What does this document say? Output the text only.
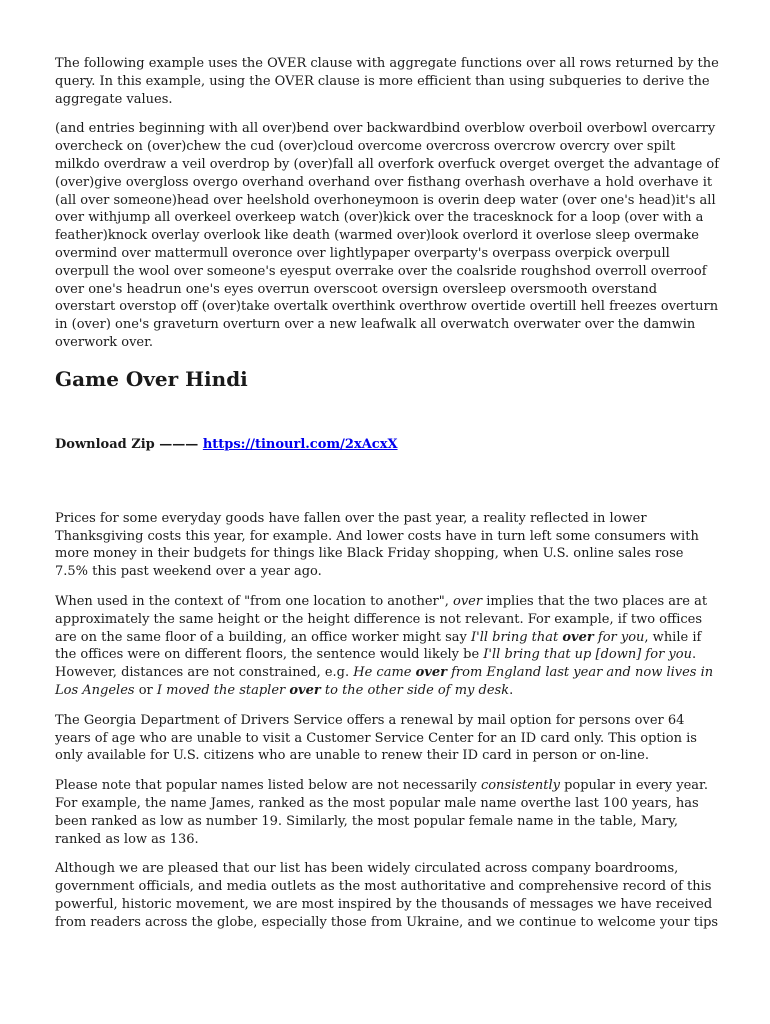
The following example uses the OVER clause with aggregate functions over all rows returned by the query. In this example, using the OVER clause is more efficient than using subqueries to derive the aggregate values.

(and entries beginning with all over)bend over backwardbind overblow overboil overbowl overcarry overcheck on (over)chew the cud (over)cloud overcome overcross overcrow overcry over spilt milkdo overdraw a veil overdrop by (over)fall all overfork overfuck overget overget the advantage of (over)give overgloss overgo overhand overhand over fisthang overhash overhave a hold overhave it (all over someone)head over heelshold overhoneymoon is overin deep water (over one's head)it's all over withjump all overkeel overkeep watch (over)kick over the tracesknock for a loop (over with a feather)knock overlay overlook like death (warmed over)look overlord it overlose sleep overmake overmind over mattermull overonce over lightlypaper overparty's overpass overpick overpull overpull the wool over someone's eyesput overrake over the coalsride roughshod overroll overroof over one's headrun one's eyes overrun overscoot oversign oversleep oversmooth overstand overstart overstop off (over)take overtalk overthink overthrow overtide overtill hell freezes overturn in (over) one's graveturn overturn over a new leafwalk all overwatch overwater over the damwin overwork over.

Game Over Hindi
Download Zip ——— https://tinourl.com/2xAcxX

Prices for some everyday goods have fallen over the past year, a reality reflected in lower Thanksgiving costs this year, for example. And lower costs have in turn left some consumers with more money in their budgets for things like Black Friday shopping, when U.S. online sales rose 7.5% this past weekend over a year ago.

When used in the context of "from one location to another", over implies that the two places are at approximately the same height or the height difference is not relevant. For example, if two offices are on the same floor of a building, an office worker might say I'll bring that over for you, while if the offices were on different floors, the sentence would likely be I'll bring that up [down] for you. However, distances are not constrained, e.g. He came over from England last year and now lives in Los Angeles or I moved the stapler over to the other side of my desk.

The Georgia Department of Drivers Service offers a renewal by mail option for persons over 64 years of age who are unable to visit a Customer Service Center for an ID card only. This option is only available for U.S. citizens who are unable to renew their ID card in person or on-line.

Please note that popular names listed below are not necessarily consistently popular in every year. For example, the name James, ranked as the most popular male name overthe last 100 years, has been ranked as low as number 19. Similarly, the most popular female name in the table, Mary, ranked as low as 136.

Although we are pleased that our list has been widely circulated across company boardrooms, government officials, and media outlets as the most authoritative and comprehensive record of this powerful, historic movement, we are most inspired by the thousands of messages we have received from readers across the globe, especially those from Ukraine, and we continue to welcome your tips
